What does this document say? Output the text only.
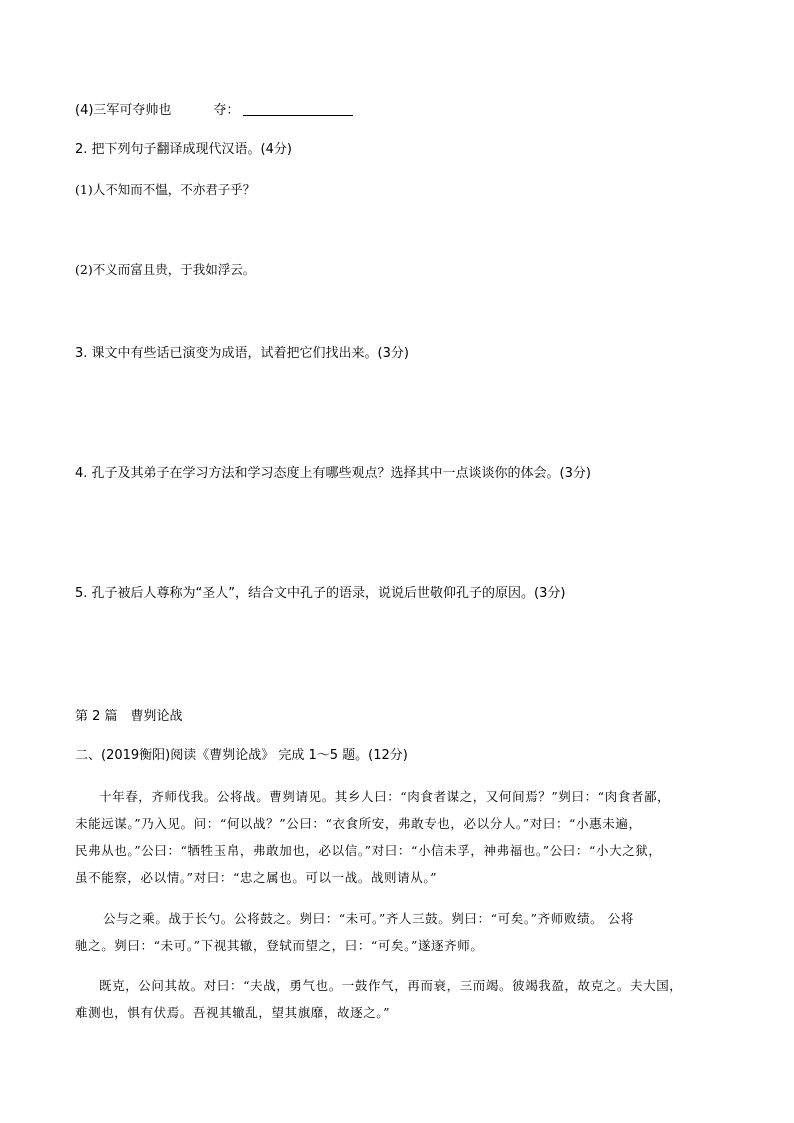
(4)三军可夺帅也	夺：
2. 把下列句子翻译成现代汉语。(4分)
(1)人不知而不愠，不亦君子乎？
(2)不义而富且贵，于我如浮云。
3. 课文中有些话已演变为成语，试着把它们找出来。(3分)
4. 孔子及其弟子在学习方法和学习态度上有哪些观点？选择其中一点谈谈你的体会。(3分)
5. 孔子被后人尊称为“圣人”，结合文中孔子的语录，说说后世敬仰孔子的原因。(3分)
第 2 篇　曹刿论战
二、(2019衡阳)阅读《曹刿论战》 完成 1～5 题。(12分)
十年春，齐师伐我。公将战。曹刿请见。其乡人曰：“肉食者谋之，又何间焉？”刿曰：“肉食者鄙，
未能远谋。”乃入见。问：“何以战？”公曰：“衣食所安，弗敢专也，必以分人。”对曰：“小惠未遍，
民弗从也。”公曰：“牺牲玉帛，弗敢加也，必以信。”对曰：“小信未孚，神弗福也。”公曰：“小大之狱，
虽不能察，必以情。”对曰：“忠之属也。可以一战。战则请从。”
公与之乘。战于长勺。公将鼓之。刿曰：“未可。”齐人三鼓。刿曰：“可矣。”齐师败绩。 公将
驰之。刿曰：“未可。”下视其辙，登轼而望之，曰：“可矣。”遂逐齐师。
既克，公问其故。对曰：“夫战，勇气也。一鼓作气，再而衰，三而竭。彼竭我盈，故克之。夫大国，
难测也，惧有伏焉。吾视其辙乱，望其旗靡，故逐之。”
